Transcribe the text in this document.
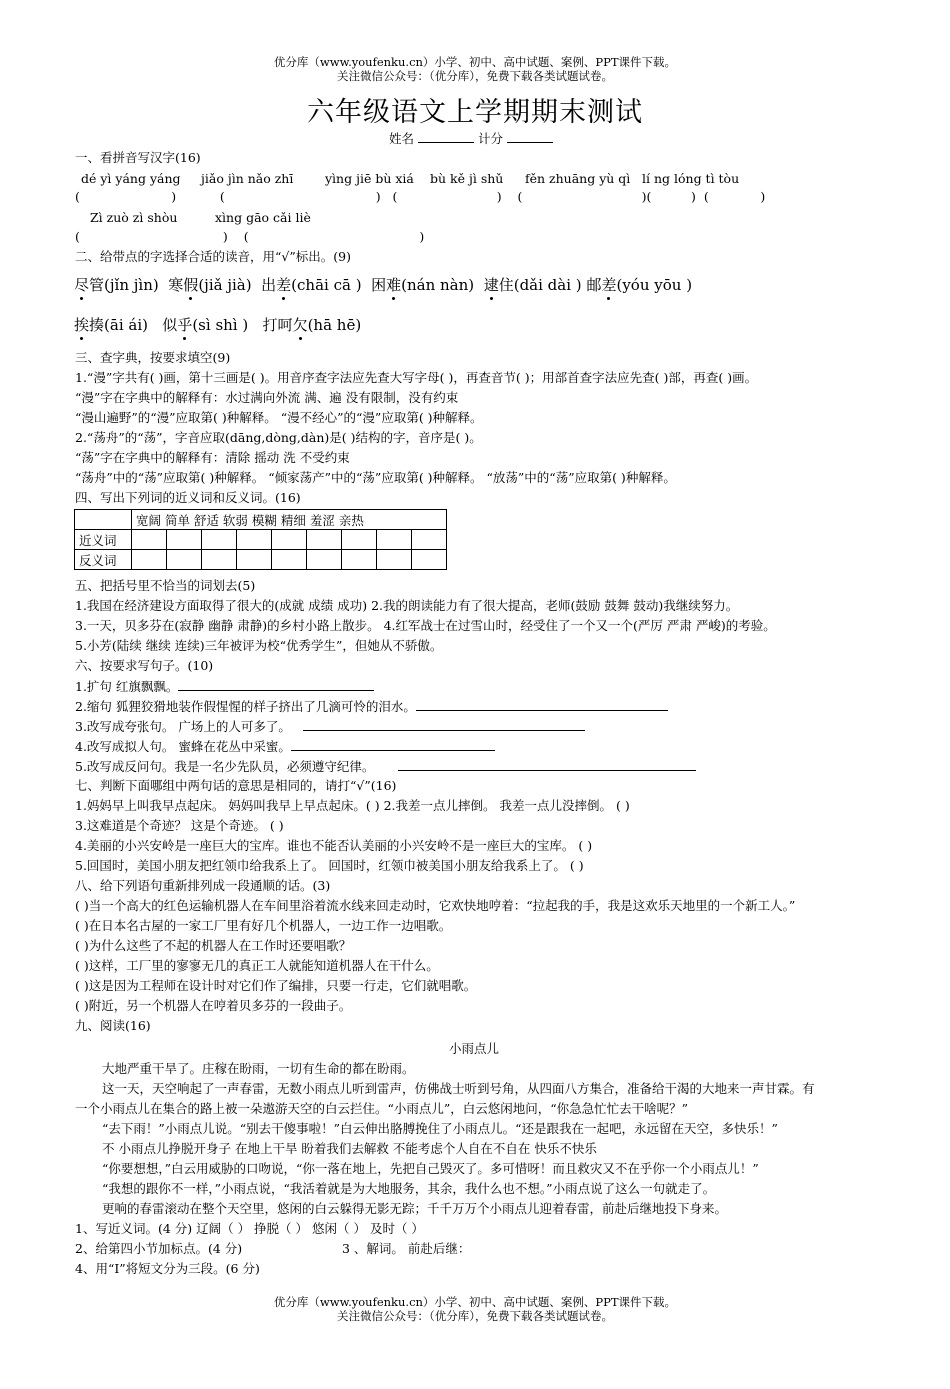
优分库（www.youfenku.cn）小学、初中、高中试题、案例、PPT课件下载。
关注微信公众号：（优分库），免费下载各类试题试卷。
六年级语文上学期期末测试
姓名	计分
一、看拼音写汉字(16)
dé yì yáng yáng jiǎo jìn nǎo zhī	yìng jiē bù xiá bù kě jì shǔ fěn zhuāng yù qì lí ng lóng tì tòu
(                       )           (                                      )   (                         )    (                              )(          )  (             )
Zì zuò zì shòu	xìng gāo cǎi liè
(                                    )    (                                           )
二、给带点的字选择合适的读音，用“√”标出。(9)
尽管(jǐn jìn) 寒假(jiǎ jià) 出差(chāi cā ) 困难(nán nàn) 逮住(dǎi dài ) 邮差(yóu yōu )
挨揍(āi ái) 似乎(sì shì ) 打呵欠(hā hē)
三、查字典，按要求填空(9)
1.“漫”字共有( )画，第十三画是( )。用音序查字法应先查大写字母( )，再查音节( )；用部首查字法应先查( )部，再查( )画。
“漫”字在字典中的解释有：水过满向外流 满、遍 没有限制，没有约束
“漫山遍野”的“漫”应取第( )种解释。 “漫不经心”的“漫”应取第( )种解释。
2.“荡舟”的“荡”，字音应取(dāng,dòng,dàn)是( )结构的字，音序是( )。
“荡”字在字典中的解释有：清除 摇动 洗 不受约束
“荡舟”中的“荡”应取第( )种解释。 “倾家荡产”中的“荡”应取第( )种解释。 “放荡”中的“荡”应取第( )种解释。
四、写出下列词的近义词和反义词。(16)
	宽阔 简单 舒适 软弱 模糊 精细 羞涩 亲热								
近义词									
反义词									
五、把括号里不恰当的词划去(5)
1.我国在经济建设方面取得了很大的(成就 成绩 成功) 2.我的朗读能力有了很大提高，老师(鼓励 鼓舞 鼓动)我继续努力。
3.一天，贝多芬在(寂静 幽静 肃静)的乡村小路上散步。 4.红军战士在过雪山时，经受住了一个又一个(严厉 严肃 严峻)的考验。
5.小芳(陆续 继续 连续)三年被评为校“优秀学生”，但她从不骄傲。
六、按要求写句子。(10)
1.扩句 红旗飘飘。
2.缩句 狐狸狡猾地装作假惺惺的样子挤出了几滴可怜的泪水。
3.改写成夸张句。 广场上的人可多了。
4.改写成拟人句。 蜜蜂在花丛中采蜜。
5.改写成反问句。我是一名少先队员，必须遵守纪律。
七、判断下面哪组中两句话的意思是相同的，请打“√”(16)
1.妈妈早上叫我早点起床。 妈妈叫我早上早点起床。( ) 2.我差一点儿摔倒。 我差一点儿没摔倒。 ( )
3.这难道是个奇迹？ 这是个奇迹。 ( )
4.美丽的小兴安岭是一座巨大的宝库。谁也不能否认美丽的小兴安岭不是一座巨大的宝库。 ( )
5.回国时，美国小朋友把红领巾给我系上了。 回国时，红领巾被美国小朋友给我系上了。 ( )
八、给下列语句重新排列成一段通顺的话。(3)
( )当一个高大的红色运输机器人在车间里浴着流水线来回走动时，它欢快地哼着：“拉起我的手，我是这欢乐天地里的一个新工人。”
( )在日本名古屋的一家工厂里有好几个机器人，一边工作一边唱歌。
( )为什么这些了不起的机器人在工作时还要唱歌？
( )这样，工厂里的寥寥无几的真正工人就能知道机器人在干什么。
( )这是因为工程师在设计时对它们作了编排，只要一行走，它们就唱歌。
( )附近，另一个机器人在哼着贝多芬的一段曲子。
九、阅读(16)
小雨点儿
大地严重干旱了。庄稼在盼雨，一切有生命的都在盼雨。
这一天，天空响起了一声春雷，无数小雨点儿听到雷声，仿佛战士听到号角，从四面八方集合，准备给干渴的大地来一声甘霖。有
一个小雨点儿在集合的路上被一朵遨游天空的白云拦住。“小雨点儿”，白云悠闲地问，“你急急忙忙去干啥呢？”
“去下雨！”小雨点儿说。“别去干傻事啦！”白云伸出胳膊挽住了小雨点儿。“还是跟我在一起吧，永远留在天空，多快乐！”
不 小雨点儿挣脱开身子 在地上干旱 盼着我们去解救 不能考虑个人自在不自在 快乐不快乐
“你要想想，”白云用威胁的口吻说，“你一落在地上，先把自己毁灭了。多可惜呀！而且救灾又不在乎你一个小雨点儿！”
“我想的跟你不一样，”小雨点说，“我活着就是为大地服务，其余，我什么也不想。”小雨点说了这么一句就走了。
更响的春雷滚动在整个天空里，悠闲的白云躲得无影无踪；千千万万个小雨点儿迎着春雷，前赴后继地投下身来。
1、写近义词。(4 分) 辽阔（ ） 挣脱（ ） 悠闲（ ） 及时（ ）
2、给第四小节加标点。(4 分)	3 、解词。 前赴后继：
4、用“Ⅰ”将短文分为三段。(6 分)
优分库（www.youfenku.cn）小学、初中、高中试题、案例、PPT课件下载。
关注微信公众号：（优分库），免费下载各类试题试卷。
